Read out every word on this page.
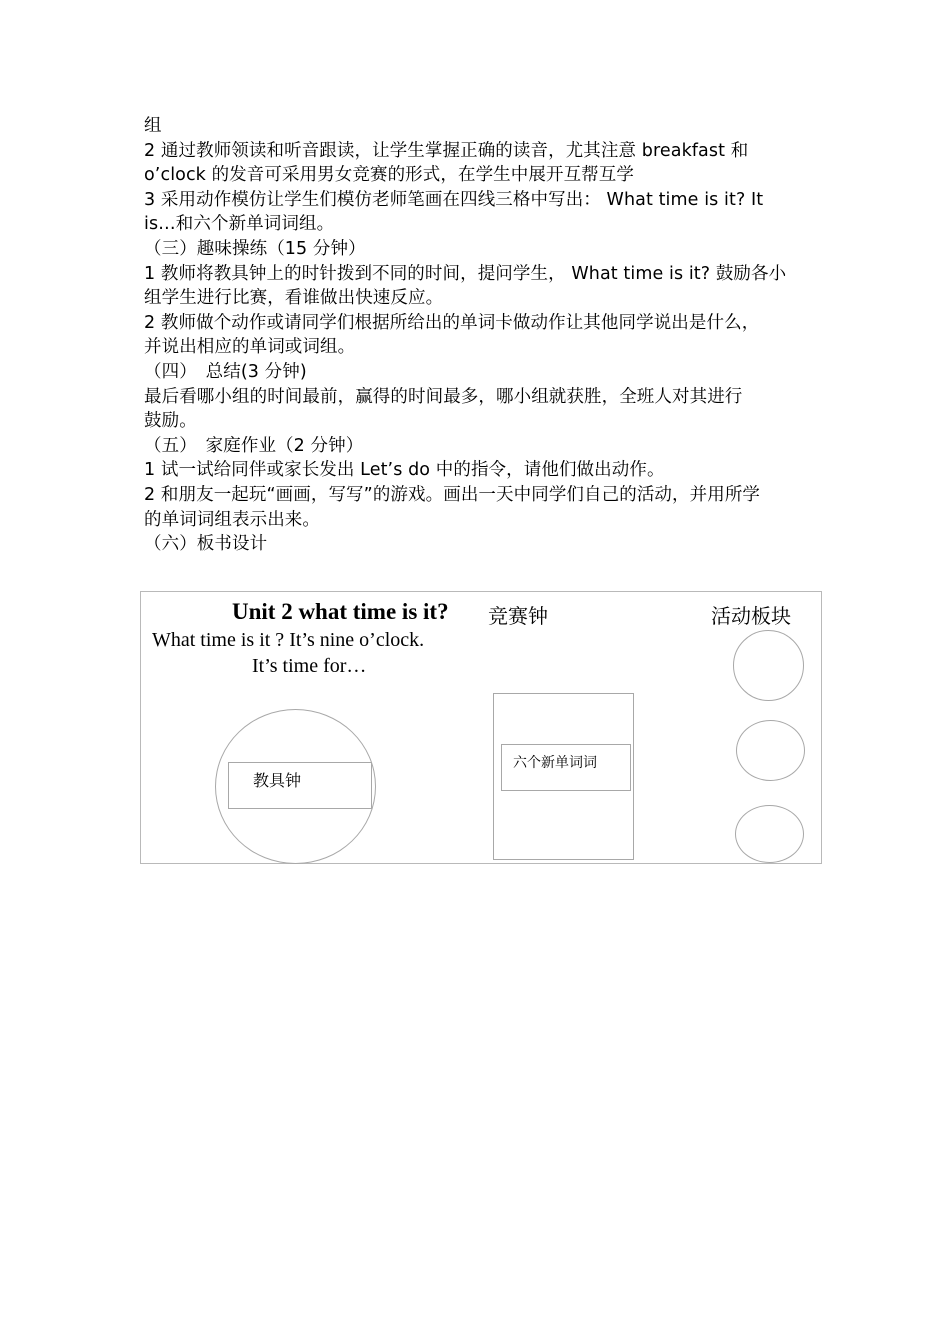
组
2 通过教师领读和听音跟读，让学生掌握正确的读音，尤其注意 breakfast 和
o’clock 的发音可采用男女竞赛的形式，在学生中展开互帮互学
3 采用动作模仿让学生们模仿老师笔画在四线三格中写出： What time is it? It
is…和六个新单词词组。
（三）趣味操练（15 分钟）
1 教师将教具钟上的时针拨到不同的时间，提问学生， What time is it? 鼓励各小
组学生进行比赛，看谁做出快速反应。
2 教师做个动作或请同学们根据所给出的单词卡做动作让其他同学说出是什么，
并说出相应的单词或词组。
（四）　总结(3 分钟)
最后看哪小组的时间最前，赢得的时间最多，哪小组就获胜，全班人对其进行
鼓励。
（五）　家庭作业（2 分钟）
1 试一试给同伴或家长发出 Let’s do 中的指令，请他们做出动作。
2 和朋友一起玩“画画，写写”的游戏。画出一天中同学们自己的活动，并用所学
的单词词组表示出来。
（六）板书设计
Unit 2 what time is it? 竞赛钟	活动板块
What time is it ? It’s nine o’clock.
It’s time for…
教具钟
六个新单词词
